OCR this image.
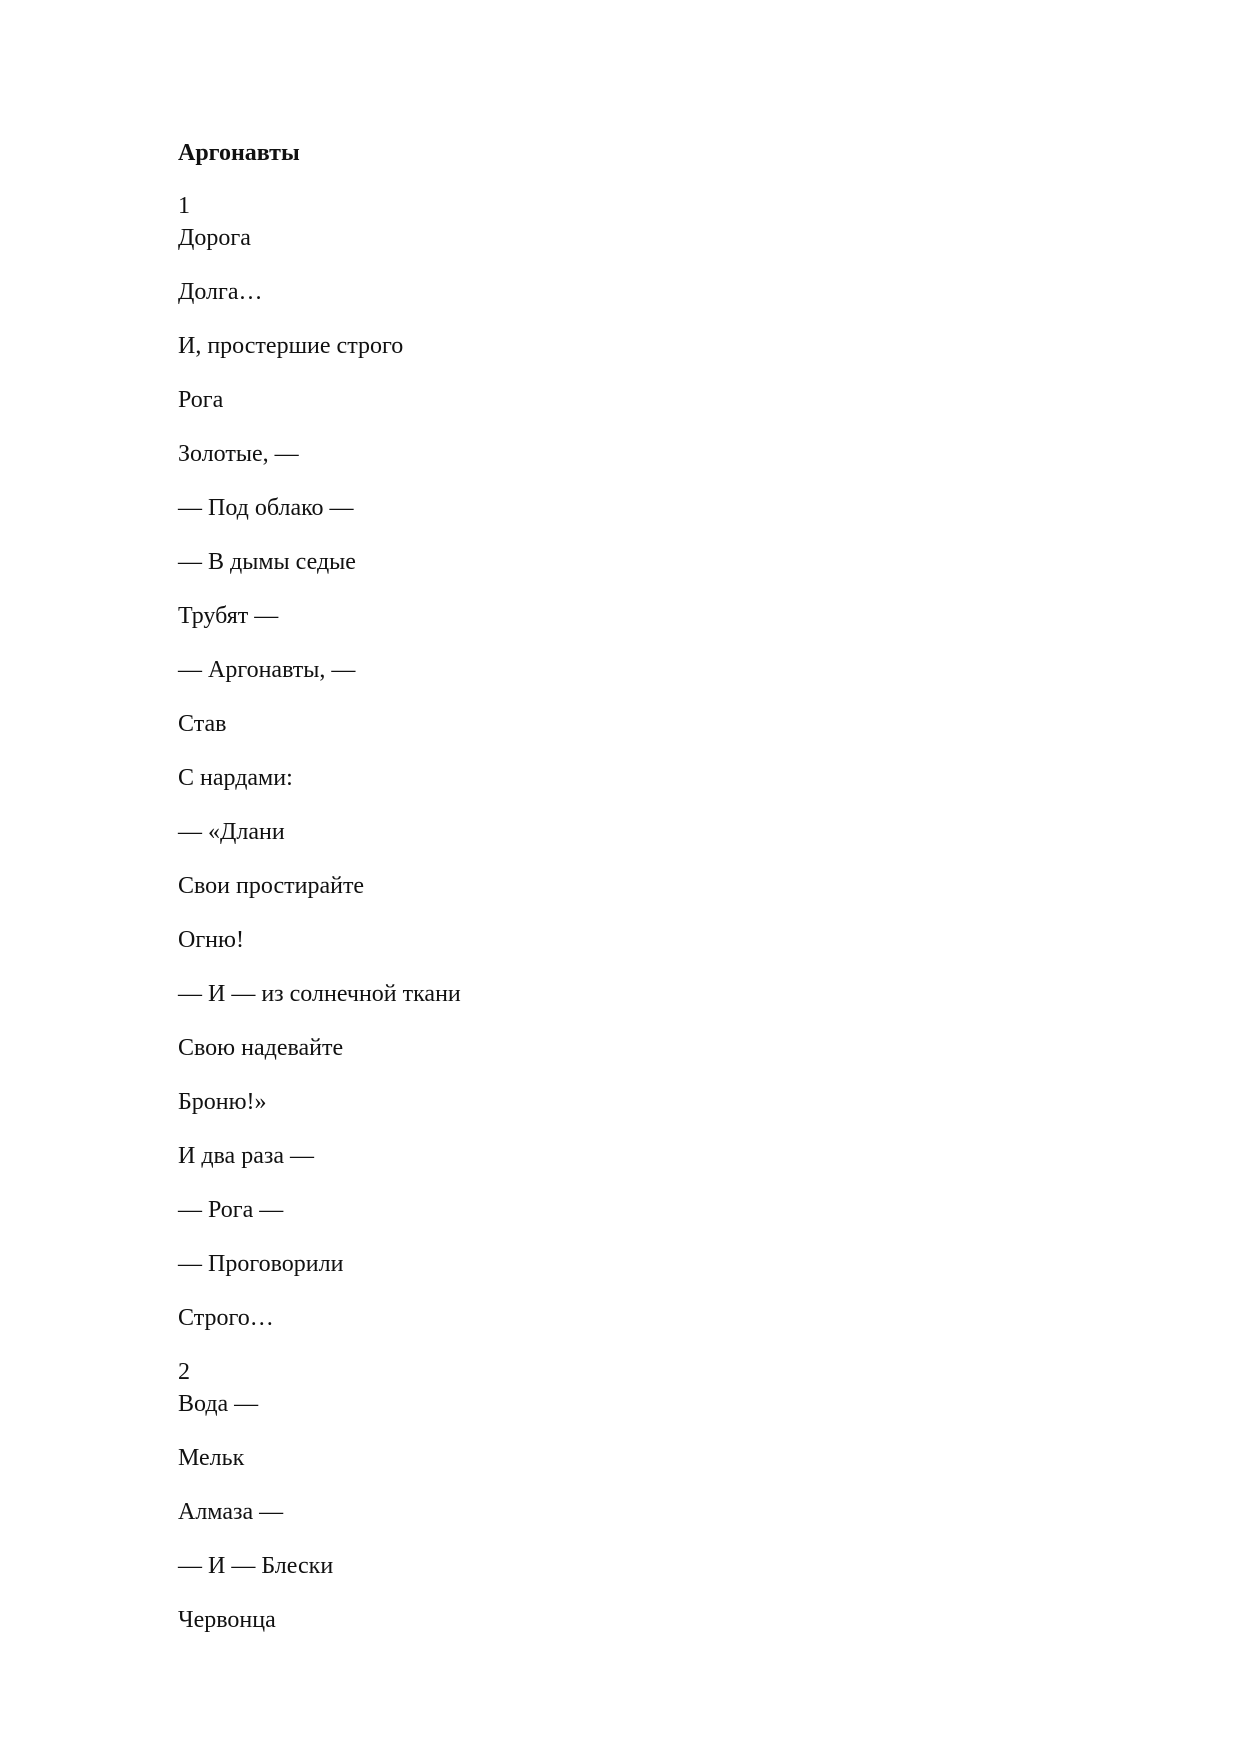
Аргонавты
1
Дорога
Долга…
И, простершие строго
Рога
Золотые, —
— Под облако —
— В дымы седые
Трубят —
— Аргонавты, —
Став
С нардами:
— «Длани
Свои простирайте
Огню!
— И — из солнечной ткани
Свою надевайте
Броню!»
И два раза —
— Рога —
— Проговорили
Строго…
2
Вода —
Мельк
Алмаза —
— И — Блески
Червонца
